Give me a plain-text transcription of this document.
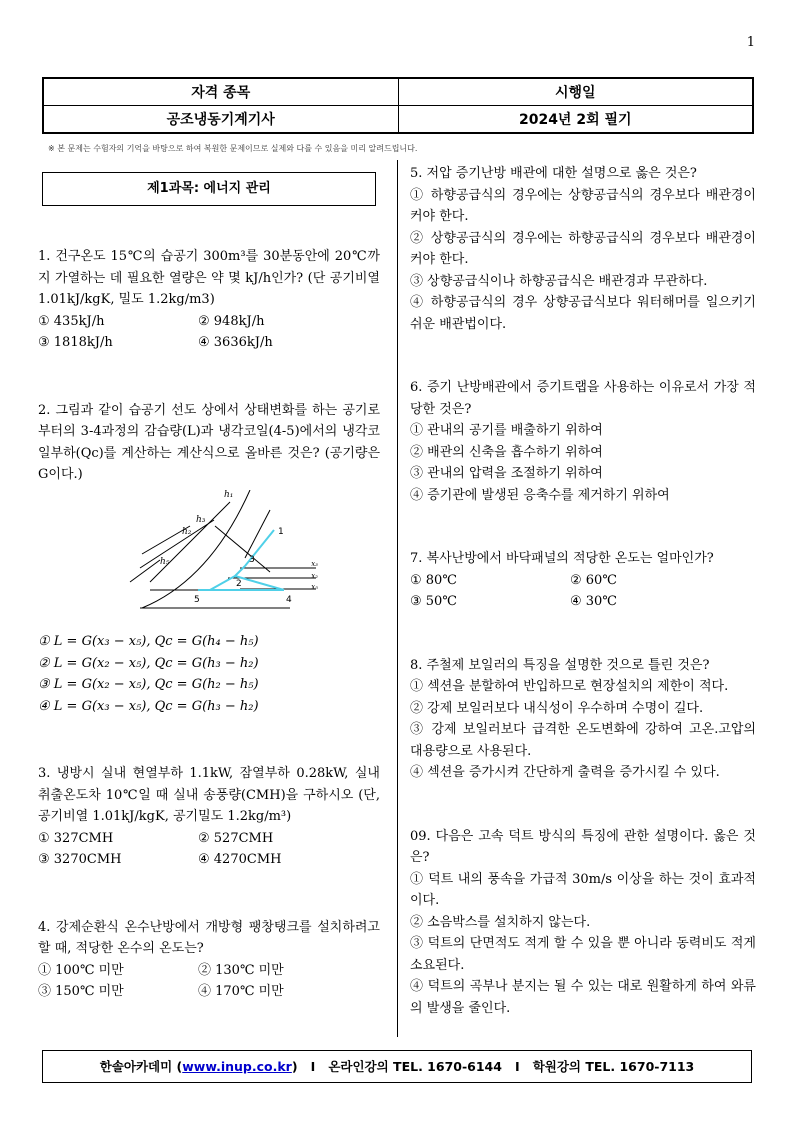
1
자격 종목	시행일
공조냉동기계기사	2024년 2회 필기
※ 본 문제는 수험자의 기억을 바탕으로 하여 복원한 문제이므로 실제와 다를 수 있음을 미리 알려드립니다.
제1과목: 에너지 관리

1. 건구온도 15℃의 습공기 300m³를 30분동안에 20℃까지 가열하는 데 필요한 열량은 약 몇 kJ/h인가? (단 공기비열1.01kJ/kgK, 밀도 1.2kg/m3)

① 435kJ/h	② 948kJ/h

③ 1818kJ/h	④ 3636kJ/h

2. 그림과 같이 습공기 선도 상에서 상태변화를 하는 공기로부터의 3-4과정의 감습량(L)과 냉각코일(4-5)에서의 냉각코일부하(Qc)를 계산하는 계산식으로 올바른 것은? (공기량은 G이다.)

h₁
h₃
h₂
h₅	x₃
x₂
x₅
1
2
3
4
5

① L = G(x₃ − x₅), Qc = G(h₄ − h₅)

② L = G(x₂ − x₅), Qc = G(h₃ − h₂)

③ L = G(x₂ − x₅), Qc = G(h₂ − h₅)

④ L = G(x₃ − x₅), Qc = G(h₃ − h₂)

3. 냉방시 실내 현열부하 1.1kW, 잠열부하 0.28kW, 실내 취출온도차 10℃일 때 실내 송풍량(CMH)을 구하시오 (단, 공기비열 1.01kJ/kgK, 공기밀도 1.2kg/m³)

① 327CMH	② 527CMH

③ 3270CMH	④ 4270CMH

4. 강제순환식 온수난방에서 개방형 팽창탱크를 설치하려고 할 때, 적당한 온수의 온도는?

① 100℃ 미만	② 130℃ 미만

③ 150℃ 미만	④ 170℃ 미만

5. 저압 증기난방 배관에 대한 설명으로 옳은 것은?

① 하향공급식의 경우에는 상향공급식의 경우보다 배관경이 커야 한다.

② 상향공급식의 경우에는 하향공급식의 경우보다 배관경이 커야 한다.

③ 상향공급식이나 하향공급식은 배관경과 무관하다.

④ 하향공급식의 경우 상향공급식보다 워터해머를 일으키기 쉬운 배관법이다.

6. 증기 난방배관에서 증기트랩을 사용하는 이유로서 가장 적당한 것은?

① 관내의 공기를 배출하기 위하여

② 배관의 신축을 흡수하기 위하여

③ 관내의 압력을 조절하기 위하여

④ 증기관에 발생된 응축수를 제거하기 위하여

7. 복사난방에서 바닥패널의 적당한 온도는 얼마인가?

① 80℃	② 60℃

③ 50℃	④ 30℃

8. 주철제 보일러의 특징을 설명한 것으로 틀린 것은?

① 섹션을 분할하여 반입하므로 현장설치의 제한이 적다.

② 강제 보일러보다 내식성이 우수하며 수명이 길다.

③ 강제 보일러보다 급격한 온도변화에 강하여 고온.고압의 대용량으로 사용된다.

④ 섹션을 증가시켜 간단하게 출력을 증가시킬 수 있다.

09. 다음은 고속 덕트 방식의 특징에 관한 설명이다. 옳은 것은?

① 덕트 내의 풍속을 가급적 30m/s 이상을 하는 것이 효과적이다.

② 소음박스를 설치하지 않는다.

③ 덕트의 단면적도 적게 할 수 있을 뿐 아니라 동력비도 적게 소요된다.

④ 덕트의 곡부나 분지는 될 수 있는 대로 원활하게 하여 와류의 발생을 줄인다.

한솔아카데미 (www.inup.co.kr)   I   온라인강의 TEL. 1670-6144   I   학원강의 TEL. 1670-7113
